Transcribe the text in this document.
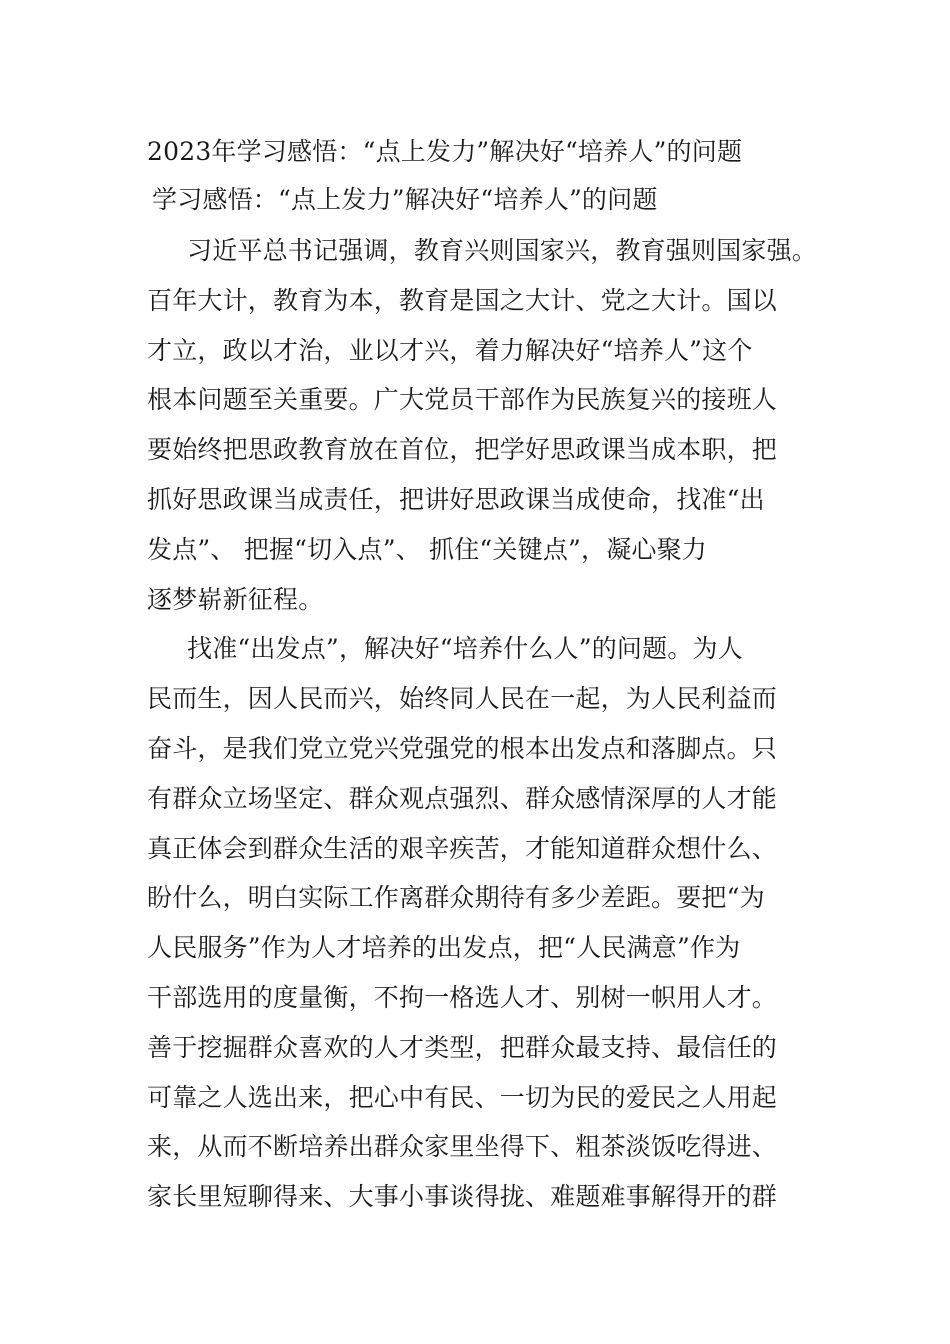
2023年学习感悟：“点上发力”解决好“培养人”的问题
学习感悟：“点上发力”解决好“培养人”的问题
习近平总书记强调，教育兴则国家兴，教育强则国家强。
百年大计，教育为本，教育是国之大计、党之大计。国以
才立，政以才治，业以才兴，着力解决好“培养人”这个
根本问题至关重要。广大党员干部作为民族复兴的接班人
要始终把思政教育放在首位，把学好思政课当成本职，把
抓好思政课当成责任，把讲好思政课当成使命，找准“出
发点”、 把握“切入点”、 抓住“关键点”，凝心聚力
逐梦崭新征程。
找准“出发点”，解决好“培养什么人”的问题。为人
民而生，因人民而兴，始终同人民在一起，为人民利益而
奋斗，是我们党立党兴党强党的根本出发点和落脚点。只
有群众立场坚定、群众观点强烈、群众感情深厚的人才能
真正体会到群众生活的艰辛疾苦，才能知道群众想什么、
盼什么，明白实际工作离群众期待有多少差距。要把“为
人民服务”作为人才培养的出发点，把“人民满意”作为
干部选用的度量衡，不拘一格选人才、别树一帜用人才。
善于挖掘群众喜欢的人才类型，把群众最支持、最信任的
可靠之人选出来，把心中有民、一切为民的爱民之人用起
来，从而不断培养出群众家里坐得下、粗茶淡饭吃得进、
家长里短聊得来、大事小事谈得拢、难题难事解得开的群
